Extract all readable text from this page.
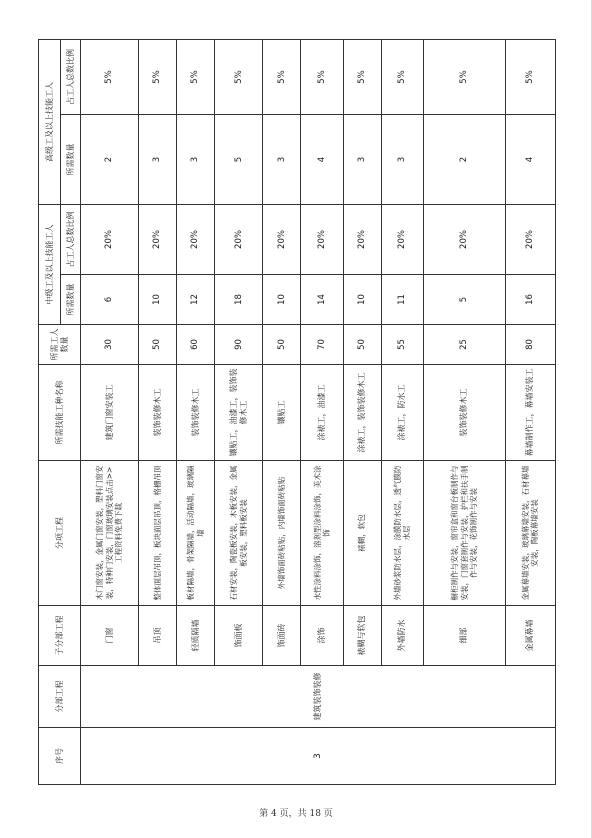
序号	分部工程	子分部工程	分项工程	所需技能工种名称	所需工人数量	中级工及以上技能工人		高级工及以上技能工人	
						所需数量	占工人总数比例	所需数量	占工人总数比例
3	建筑装饰装修	门窗	木门窗安装，金属门窗安装，塑料门窗安装，特种门安装，门窗玻璃安装点击>>工程资料免费下载	建筑门窗安装工	30	6	20%	2	5%
		吊顶	整体面层吊顶，板块面层吊顶，格栅吊顶	装饰装修木工	50	10	20%	3	5%
		轻质隔墙	板材隔墙，骨架隔墙，活动隔墙，玻璃隔墙	装饰装修木工	60	12	20%	3	5%
		饰面板	石材安装，陶瓷板安装，木板安装，金属板安装，塑料板安装	镶贴工，油漆工，装饰装修木工	90	18	20%	5	5%
		饰面砖	外墙饰面砖粘贴，内墙饰面砖粘贴	镶贴工	50	10	20%	3	5%
		涂饰	水性涂料涂饰，溶剂型涂料涂饰，美术涂饰	涂裱工，油漆工	70	14	20%	4	5%
		裱糊与软包	裱糊，软包	涂裱工，装饰装修木工	50	10	20%	3	5%
		外墙防水	外墙砂浆防水层，涂膜防水层，透气膜防水层	涂裱工，防水工	55	11	20%	3	5%
		细部	橱柜制作与安装，窗帘盒和窗台板制作与安装，门窗套制作与安装，护栏和扶手制作与安装，花饰制作与安装	装饰装修木工	25	5	20%	2	5%
		金属幕墙	金属幕墙安装，玻璃幕墙安装，石材幕墙安装，陶板幕墙安装	幕墙制作工，幕墙安装工	80	16	20%	4	5%
第 4 页，共 18 页
